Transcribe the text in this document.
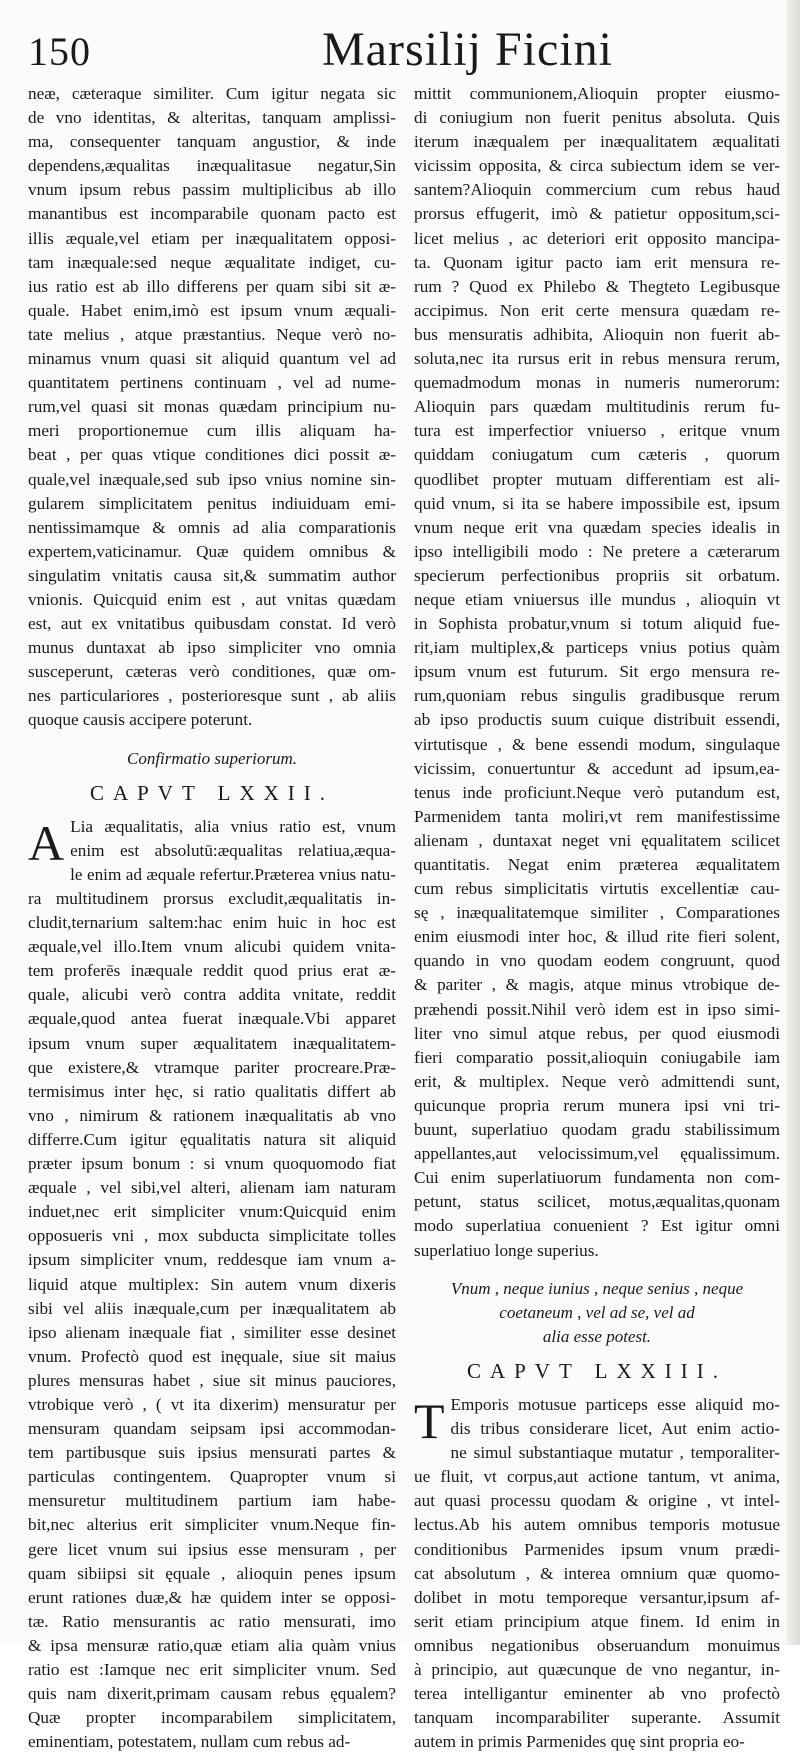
150	Marsilij Ficini
neæ, cæteraque similiter. Cum igitur negata sic
de vno identitas, & alteritas, tanquam amplissi-
ma, consequenter tanquam angustior, & inde
dependens,æqualitas inæqualitasue negatur,Sin
vnum ipsum rebus passim multiplicibus ab illo
manantibus est incomparabile quonam pacto est
illis æquale,vel etiam per inæqualitatem opposi-
tam inæquale:sed neque æqualitate indiget, cu-
ius ratio est ab illo differens per quam sibi sit æ-
quale. Habet enim,imò est ipsum vnum æquali-
tate melius , atque præstantius. Neque verò no-
minamus vnum quasi sit aliquid quantum vel ad
quantitatem pertinens continuam , vel ad nume-
rum,vel quasi sit monas quædam principium nu-
meri proportionemue cum illis aliquam ha-
beat , per quas vtique conditiones dici possit æ-
quale,vel inæquale,sed sub ipso vnius nomine sin-
gularem simplicitatem penitus indiuiduam emi-
nentissimamque & omnis ad alia comparationis
expertem,vaticinamur. Quæ quidem omnibus &
singulatim vnitatis causa sit,& summatim author
vnionis. Quicquid enim est , aut vnitas quædam
est, aut ex vnitatibus quibusdam constat. Id verò
munus duntaxat ab ipso simpliciter vno omnia
susceperunt, cæteras verò conditiones, quæ om-
nes particulariores , posterioresque sunt , ab aliis
quoque causis accipere poterunt.
Confirmatio superiorum.
CAPVT LXXII.
A Lia æqualitatis, alia vnius ratio est, vnum
enim est absolutū:æqualitas relatiua,æqua-
le enim ad æquale refertur.Præterea vnius natu-
ra multitudinem prorsus excludit,æqualitatis in-
cludit,ternarium saltem:hac enim huic in hoc est
æquale,vel illo.Item vnum alicubi quidem vnita-
tem proferēs inæquale reddit quod prius erat æ-
quale, alicubi verò contra addita vnitate, reddit
æquale,quod antea fuerat inæquale.Vbi apparet
ipsum vnum super æqualitatem inæqualitatem-
que existere,& vtramque pariter procreare.Præ-
termisimus inter hęc, si ratio qualitatis differt ab
vno , nimirum & rationem inæqualitatis ab vno
differre.Cum igitur ęqualitatis natura sit aliquid
præter ipsum bonum : si vnum quoquomodo fiat
æquale , vel sibi,vel alteri, alienam iam naturam
induet,nec erit simpliciter vnum:Quicquid enim
opposueris vni , mox subducta simplicitate tolles
ipsum simpliciter vnum, reddesque iam vnum a-
liquid atque multiplex: Sin autem vnum dixeris
sibi vel aliis inæquale,cum per inæqualitatem ab
ipso alienam inæquale fiat , similiter esse desinet
vnum. Profectò quod est inęquale, siue sit maius
plures mensuras habet , siue sit minus pauciores,
vtrobique verò , ( vt ita dixerim) mensuratur per
mensuram quandam seipsam ipsi accommodan-
tem partibusque suis ipsius mensurati partes &
particulas contingentem. Quapropter vnum si
mensuretur multitudinem partium iam habe-
bit,nec alterius erit simpliciter vnum.Neque fin-
gere licet vnum sui ipsius esse mensuram , per
quam sibiipsi sit ęquale , alioquin penes ipsum
erunt rationes duæ,& hæ quidem inter se opposi-
tæ. Ratio mensurantis ac ratio mensurati, imo
& ipsa mensuræ ratio,quæ etiam alia quàm vnius
ratio est :Iamque nec erit simpliciter vnum. Sed
quis nam dixerit,primam causam rebus ęqualem?
Quæ propter incomparabilem simplicitatem,
eminentiam, potestatem, nullam cum rebus ad-
mittit communionem,Alioquin propter eiusmo-
di coniugium non fuerit penitus absoluta. Quis
iterum inæqualem per inæqualitatem æqualitati
vicissim opposita, & circa subiectum idem se ver-
santem?Alioquin commercium cum rebus haud
prorsus effugerit, imò & patietur oppositum,sci-
licet melius , ac deteriori erit opposito mancipa-
ta. Quonam igitur pacto iam erit mensura re-
rum ? Quod ex Philebo & Thegteto Legibusque
accipimus. Non erit certe mensura quædam re-
bus mensuratis adhibita, Alioquin non fuerit ab-
soluta,nec ita rursus erit in rebus mensura rerum,
quemadmodum monas in numeris numerorum:
Alioquin pars quædam multitudinis rerum fu-
tura est imperfectior vniuerso , eritque vnum
quiddam coniugatum cum cæteris , quorum
quodlibet propter mutuam differentiam est ali-
quid vnum, si ita se habere impossibile est, ipsum
vnum neque erit vna quædam species idealis in
ipso intelligibili modo : Ne pretere a cæterarum
specierum perfectionibus propriis sit orbatum.
neque etiam vniuersus ille mundus , alioquin vt
in Sophista probatur,vnum si totum aliquid fue-
rit,iam multiplex,& particeps vnius potius quàm
ipsum vnum est futurum. Sit ergo mensura re-
rum,quoniam rebus singulis gradibusque rerum
ab ipso productis suum cuique distribuit essendi,
virtutisque , & bene essendi modum, singulaque
vicissim, conuertuntur & accedunt ad ipsum,ea-
tenus inde proficiunt.Neque verò putandum est,
Parmenidem tanta moliri,vt rem manifestissime
alienam , duntaxat neget vni ęqualitatem scilicet
quantitatis. Negat enim præterea æqualitatem
cum rebus simplicitatis virtutis excellentiæ cau-
sę , inæqualitatemque similiter , Comparationes
enim eiusmodi inter hoc, & illud rite fieri solent,
quando in vno quodam eodem congruunt, quod
& pariter , & magis, atque minus vtrobique de-
præhendi possit.Nihil verò idem est in ipso simi-
liter vno simul atque rebus, per quod eiusmodi
fieri comparatio possit,alioquin coniugabile iam
erit, & multiplex. Neque verò admittendi sunt,
quicunque propria rerum munera ipsi vni tri-
buunt, superlatiuo quodam gradu stabilissimum
appellantes,aut velocissimum,vel ęqualissimum.
Cui enim superlatiuorum fundamenta non com-
petunt, status scilicet, motus,æqualitas,quonam
modo superlatiua conuenient ? Est igitur omni
superlatiuo longe superius.
Vnum , neque iunius , neque senius , neque
coetaneum , vel ad se, vel ad
alia esse potest.
CAPVT LXXIII.
T Emporis motusue particeps esse aliquid mo-
dis tribus considerare licet, Aut enim actio-
ne simul substantiaque mutatur , temporaliter-
ue fluit, vt corpus,aut actione tantum, vt anima,
aut quasi processu quodam & origine , vt intel-
lectus.Ab his autem omnibus temporis motusue
conditionibus Parmenides ipsum vnum prædi-
cat absolutum , & interea omnium quæ quomo-
dolibet in motu temporeque versantur,ipsum af-
serit etiam principium atque finem. Id enim in
omnibus negationibus obseruandum monuimus
à principio, aut quæcunque de vno negantur, in-
terea intelligantur eminenter ab vno profectò
tanquam incomparabiliter superante. Assumit
autem in primis Parmenides quę sint propria eo-
